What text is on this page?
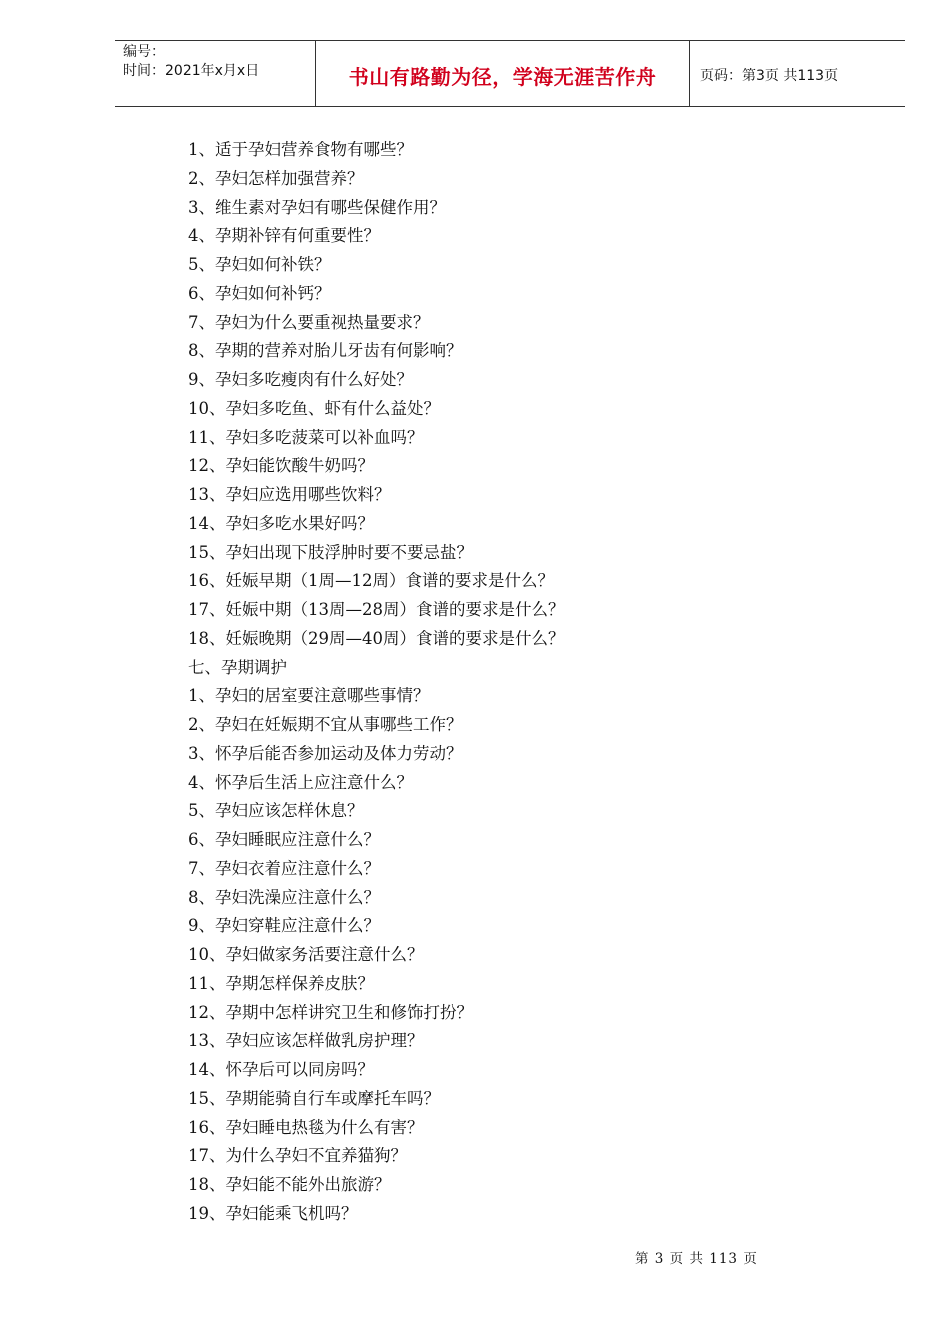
编号：
时间：2021年x月x日	书山有路勤为径，学海无涯苦作舟	页码：第3页 共113页
1、适于孕妇营养食物有哪些？
2、孕妇怎样加强营养？
3、维生素对孕妇有哪些保健作用？
4、孕期补锌有何重要性？
5、孕妇如何补铁？
6、孕妇如何补钙？
7、孕妇为什么要重视热量要求？
8、孕期的营养对胎儿牙齿有何影响？
9、孕妇多吃瘦肉有什么好处？
10、孕妇多吃鱼、虾有什么益处？
11、孕妇多吃菠菜可以补血吗？
12、孕妇能饮酸牛奶吗？
13、孕妇应选用哪些饮料？
14、孕妇多吃水果好吗？
15、孕妇出现下肢浮肿时要不要忌盐？
16、妊娠早期（1周—12周）食谱的要求是什么？
17、妊娠中期（13周—28周）食谱的要求是什么？
18、妊娠晚期（29周—40周）食谱的要求是什么？
七、孕期调护
1、孕妇的居室要注意哪些事情？
2、孕妇在妊娠期不宜从事哪些工作？
3、怀孕后能否参加运动及体力劳动？
4、怀孕后生活上应注意什么？
5、孕妇应该怎样休息？
6、孕妇睡眠应注意什么？
7、孕妇衣着应注意什么？
8、孕妇洗澡应注意什么？
9、孕妇穿鞋应注意什么？
10、孕妇做家务活要注意什么？
11、孕期怎样保养皮肤？
12、孕期中怎样讲究卫生和修饰打扮？
13、孕妇应该怎样做乳房护理？
14、怀孕后可以同房吗？
15、孕期能骑自行车或摩托车吗？
16、孕妇睡电热毯为什么有害？
17、为什么孕妇不宜养猫狗？
18、孕妇能不能外出旅游？
19、孕妇能乘飞机吗？
第 3 页 共 113 页
